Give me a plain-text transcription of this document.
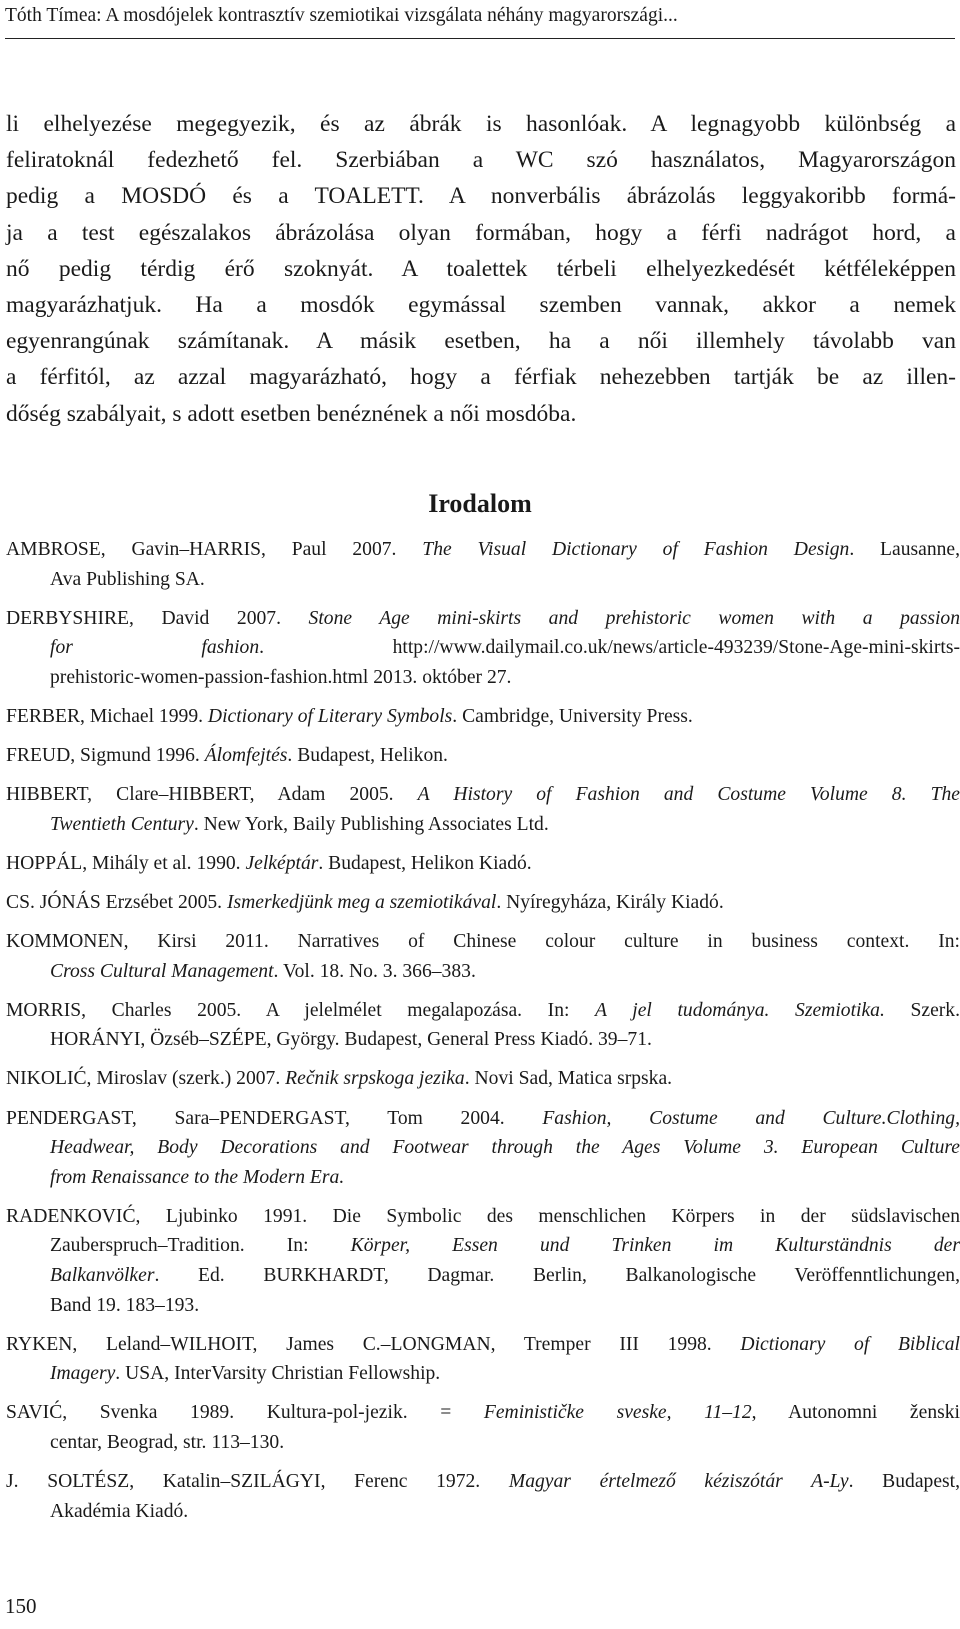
Tóth Tímea: A mosdójelek kontrasztív szemiotikai vizsgálata néhány magyarországi...
li elhelyezése megegyezik, és az ábrák is hasonlóak. A legnagyobb különbség a
feliratoknál fedezhető fel. Szerbiában a WC szó használatos, Magyarországon
pedig a MOSDÓ és a TOALETT. A nonverbális ábrázolás leggyakoribb formá-
ja a test egészalakos ábrázolása olyan formában, hogy a férfi nadrágot hord, a
nő pedig térdig érő szoknyát. A toalettek térbeli elhelyezkedését kétféleképpen
magyarázhatjuk. Ha a mosdók egymással szemben vannak, akkor a nemek
egyenrangúnak számítanak. A másik esetben, ha a női illemhely távolabb van
a férfitól, az azzal magyarázható, hogy a férfiak nehezebben tartják be az illen-
dőség szabályait, s adott esetben benéznének a női mosdóba.
Irodalom
AMBROSE, Gavin–HARRIS, Paul 2007. The Visual Dictionary of Fashion Design. Lausanne,
Ava Publishing SA.
DERBYSHIRE, David 2007. Stone Age mini-skirts and prehistoric women with a passion
for fashion. http://www.dailymail.co.uk/news/article-493239/Stone-Age-mini-skirts-
prehistoric-women-passion-fashion.html 2013. október 27.
FERBER, Michael 1999. Dictionary of Literary Symbols. Cambridge, University Press.
FREUD, Sigmund 1996. Álomfejtés. Budapest, Helikon.
HIBBERT, Clare–HIBBERT, Adam 2005. A History of Fashion and Costume Volume 8. The
Twentieth Century. New York, Baily Publishing Associates Ltd.
HOPPÁL, Mihály et al. 1990. Jelképtár. Budapest, Helikon Kiadó.
CS. JÓNÁS Erzsébet 2005. Ismerkedjünk meg a szemiotikával. Nyíregyháza, Király Kiadó.
KOMMONEN, Kirsi 2011. Narratives of Chinese colour culture in business context. In:
Cross Cultural Management. Vol. 18. No. 3. 366–383.
MORRIS, Charles 2005. A jelelmélet megalapozása. In: A jel tudománya. Szemiotika. Szerk.
HORÁNYI, Özséb–SZÉPE, György. Budapest, General Press Kiadó. 39–71.
NIKOLIĆ, Miroslav (szerk.) 2007. Rečnik srpskoga jezika. Novi Sad, Matica srpska.
PENDERGAST, Sara–PENDERGAST, Tom 2004. Fashion, Costume and Culture.Clothing,
Headwear, Body Decorations and Footwear through the Ages Volume 3. European Culture
from Renaissance to the Modern Era.
RADENKOVIĆ, Ljubinko 1991. Die Symbolic des menschlichen Körpers in der südslavischen
Zauberspruch–Tradition. In: Körper, Essen und Trinken im Kulturständnis der
Balkanvölker. Ed. BURKHARDT, Dagmar. Berlin, Balkanologische Veröffenntlichungen,
Band 19. 183–193.
RYKEN, Leland–WILHOIT, James C.–LONGMAN, Tremper III 1998. Dictionary of Biblical
Imagery. USA, InterVarsity Christian Fellowship.
SAVIĆ, Svenka 1989. Kultura-pol-jezik. = Feminističke sveske, 11–12, Autonomni ženski
centar, Beograd, str. 113–130.
J. SOLTÉSZ, Katalin–SZILÁGYI, Ferenc 1972. Magyar értelmező kéziszótár A-Ly. Budapest,
Akadémia Kiadó.
150
